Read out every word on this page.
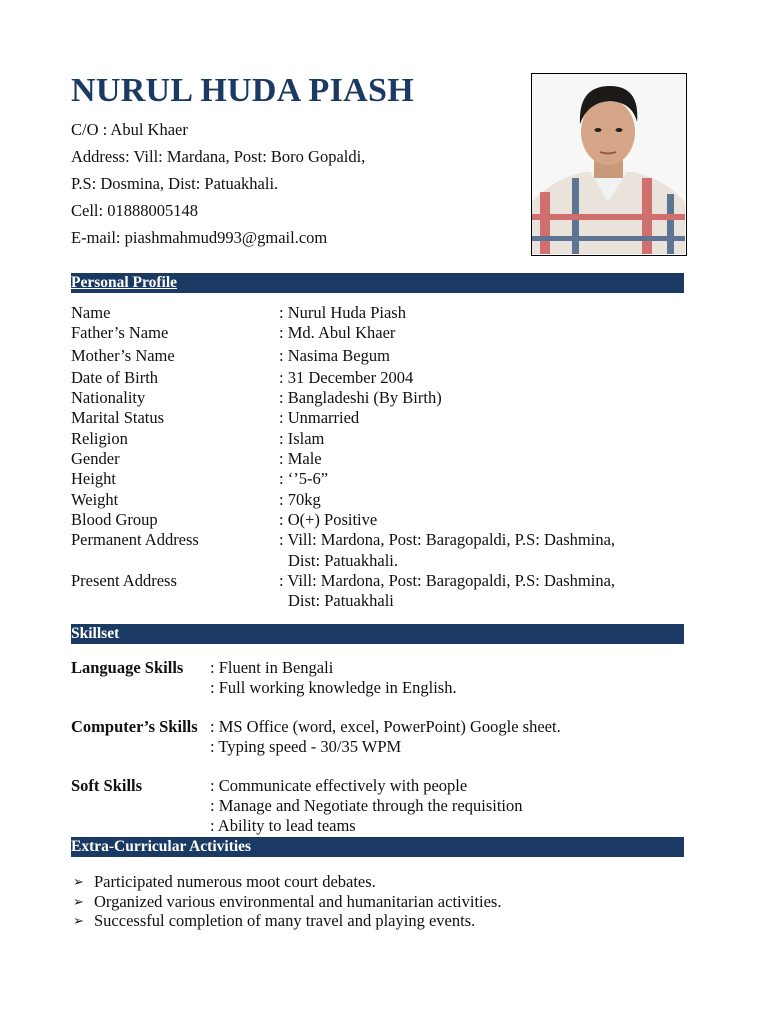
NURUL HUDA PIASH
C/O : Abul Khaer
Address: Vill: Mardana, Post: Boro Gopaldi,
P.S: Dosmina, Dist: Patuakhali.
Cell: 01888005148
E-mail: piashmahmud993@gmail.com
Personal Profile
Name	: Nurul Huda Piash
Father’s Name	: Md. Abul Khaer
Mother’s Name	: Nasima Begum
Date of Birth	: 31 December 2004
Nationality	: Bangladeshi (By Birth)
Marital Status	: Unmarried
Religion	: Islam
Gender	: Male
Height	: ‘’5-6”
Weight	: 70kg
Blood Group	: O(+) Positive
Permanent Address	: Vill: Mardona, Post: Baragopaldi, P.S: Dashmina,
Dist: Patuakhali.
Present Address	: Vill: Mardona, Post: Baragopaldi, P.S: Dashmina,
Dist: Patuakhali
Skillset
Language Skills	: Fluent in Bengali
: Full working knowledge in English.
Computer’s Skills : MS Office (word, excel, PowerPoint) Google sheet.
: Typing speed - 30/35 WPM
Soft Skills	: Communicate effectively with people
: Manage and Negotiate through the requisition
: Ability to lead teams
Extra-Curricular Activities
➢ Participated numerous moot court debates.
➢ Organized various environmental and humanitarian activities.
➢ Successful completion of many travel and playing events.
